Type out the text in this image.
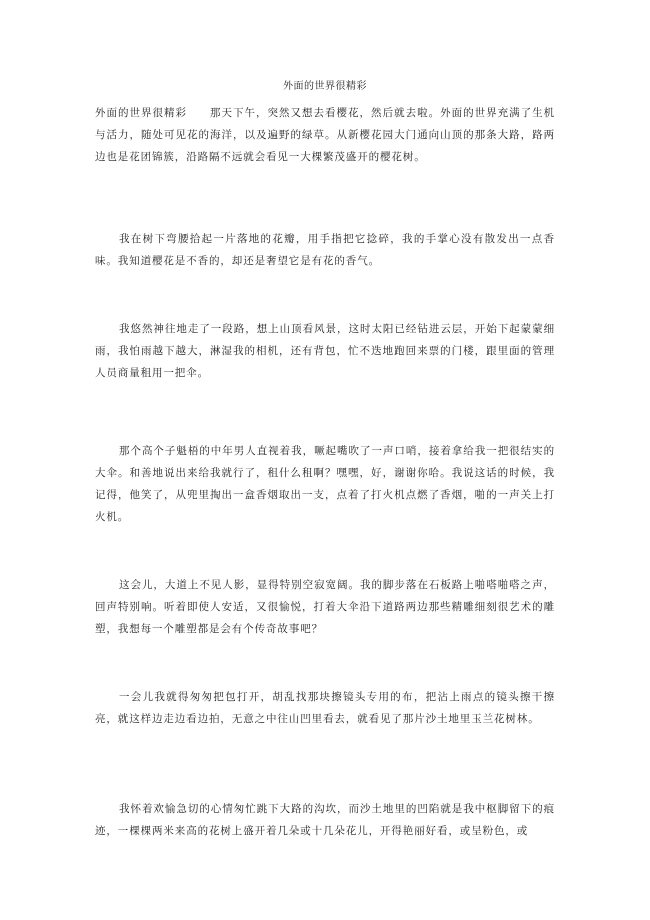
外面的世界很精彩

外面的世界很精彩　　那天下午，突然又想去看樱花，然后就去啦。外面的世界充满了生机与活力，随处可见花的海洋，以及遍野的绿草。从新樱花园大门通向山顶的那条大路，路两边也是花团锦簇，沿路隔不远就会看见一大棵繁茂盛开的樱花树。

我在树下弯腰拾起一片落地的花瓣，用手指把它捻碎，我的手掌心没有散发出一点香味。我知道樱花是不香的，却还是奢望它是有花的香气。

我悠然神往地走了一段路，想上山顶看风景，这时太阳已经钻进云层，开始下起蒙蒙细雨，我怕雨越下越大，淋湿我的相机，还有背包，忙不迭地跑回来票的门楼，跟里面的管理人员商量租用一把伞。

那个高个子魁梧的中年男人直视着我，噘起嘴吹了一声口哨，接着拿给我一把很结实的大伞。和善地说出来给我就行了，租什么租啊？嘿嘿，好，谢谢你哈。我说这话的时候，我记得，他笑了，从兜里掏出一盒香烟取出一支，点着了打火机点燃了香烟，啪的一声关上打火机。

这会儿，大道上不见人影，显得特别空寂宽阔。我的脚步落在石板路上啪嗒啪嗒之声，回声特别响。听着即使人安适，又很愉悦，打着大伞沿下道路两边那些精雕细刻很艺术的雕塑，我想每一个雕塑都是会有个传奇故事吧？

一会儿我就得匆匆把包打开，胡乱找那块擦镜头专用的布，把沾上雨点的镜头擦干擦亮，就这样边走边看边拍，无意之中往山凹里看去，就看见了那片沙土地里玉兰花树林。

我怀着欢愉急切的心情匆忙跳下大路的沟坎，而沙土地里的凹陷就是我中枢脚留下的痕迹，一棵棵两米来高的花树上盛开着几朵或十几朵花儿，开得艳丽好看，或呈粉色，或
